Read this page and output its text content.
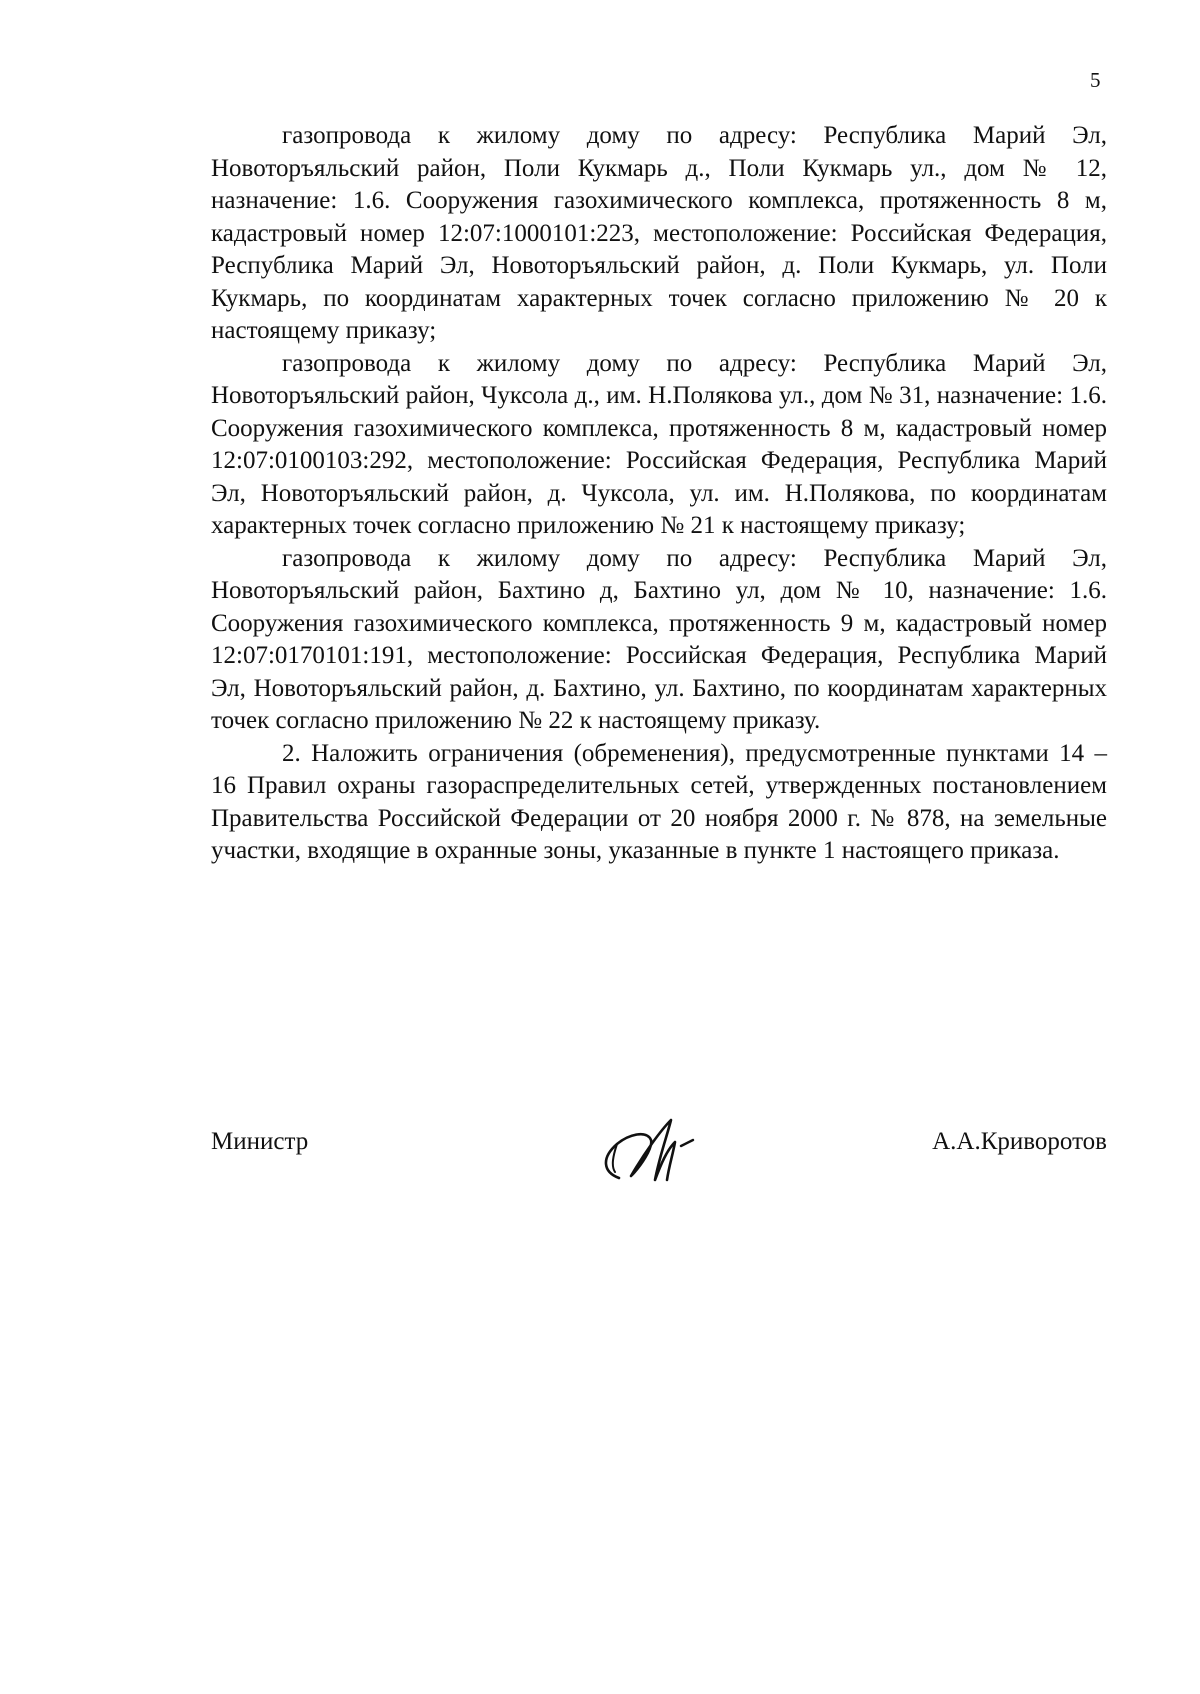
5

газопровода к жилому дому по адресу: Республика Марий Эл, Новоторъяльский район, Поли Кукмарь д., Поли Кукмарь ул., дом № 12, назначение: 1.6. Сооружения газохимического комплекса, протяженность 8 м, кадастровый номер 12:07:1000101:223, местоположение: Российская Федерация, Республика Марий Эл, Новоторъяльский район, д. Поли Кукмарь, ул. Поли Кукмарь, по координатам характерных точек согласно приложению № 20 к настоящему приказу;

газопровода к жилому дому по адресу: Республика Марий Эл, Новоторъяльский район, Чуксола д., им. Н.Полякова ул., дом № 31, назначение: 1.6. Сооружения газохимического комплекса, протяженность 8 м, кадастровый номер 12:07:0100103:292, местоположение: Российская Федерация, Республика Марий Эл, Новоторъяльский район, д. Чуксола, ул. им. Н.Полякова, по координатам характерных точек согласно приложению № 21 к настоящему приказу;

газопровода к жилому дому по адресу: Республика Марий Эл, Новоторъяльский район, Бахтино д, Бахтино ул, дом № 10, назначение: 1.6. Сооружения газохимического комплекса, протяженность 9 м, кадастровый номер 12:07:0170101:191, местоположение: Российская Федерация, Республика Марий Эл, Новоторъяльский район, д. Бахтино, ул. Бахтино, по координатам характерных точек согласно приложению № 22 к настоящему приказу.

2. Наложить ограничения (обременения), предусмотренные пунктами 14 – 16 Правил охраны газораспределительных сетей, утвержденных постановлением Правительства Российской Федерации от 20 ноября 2000 г. № 878, на земельные участки, входящие в охранные зоны, указанные в пункте 1 настоящего приказа.

Министр	А.А.Криворотов
